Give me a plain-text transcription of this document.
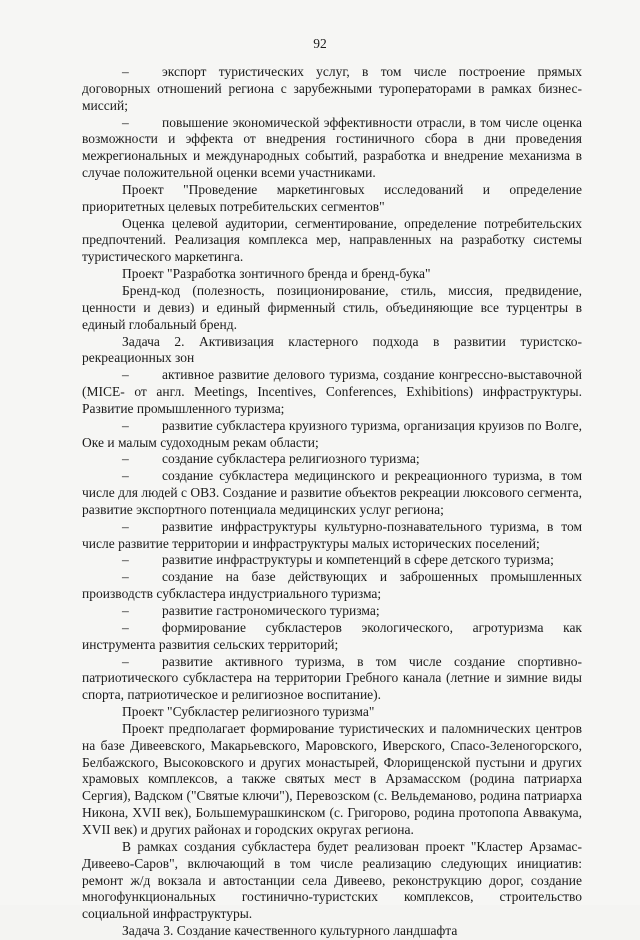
92

– экспорт туристических услуг, в том числе построение прямых договорных отношений региона с зарубежными туроператорами в рамках бизнес-миссий;

– повышение экономической эффективности отрасли, в том числе оценка возможности и эффекта от внедрения гостиничного сбора в дни проведения межрегиональных и международных событий, разработка и внедрение механизма в случае положительной оценки всеми участниками.

Проект "Проведение маркетинговых исследований и определение приоритетных целевых потребительских сегментов"

Оценка целевой аудитории, сегментирование, определение потребительских предпочтений. Реализация комплекса мер, направленных на разработку системы туристического маркетинга.

Проект "Разработка зонтичного бренда и бренд-бука"

Бренд-код (полезность, позиционирование, стиль, миссия, предвидение, ценности и девиз) и единый фирменный стиль, объединяющие все турцентры в единый глобальный бренд.

Задача 2. Активизация кластерного подхода в развитии туристско-рекреационных зон

– активное развитие делового туризма, создание конгрессно-выставочной (MICE- от англ. Meetings, Incentives, Conferences, Exhibitions) инфраструктуры. Развитие промышленного туризма;

– развитие субкластера круизного туризма, организация круизов по Волге, Оке и малым судоходным рекам области;

– создание субкластера религиозного туризма;

– создание субкластера медицинского и рекреационного туризма, в том числе для людей с ОВЗ. Создание и развитие объектов рекреации люксового сегмента, развитие экспортного потенциала медицинских услуг региона;

– развитие инфраструктуры культурно-познавательного туризма, в том числе развитие территории и инфраструктуры малых исторических поселений;

– развитие инфраструктуры и компетенций в сфере детского туризма;

– создание на базе действующих и заброшенных промышленных производств субкластера индустриального туризма;

– развитие гастрономического туризма;

– формирование субкластеров экологического, агротуризма как инструмента развития сельских территорий;

– развитие активного туризма, в том числе создание спортивно-патриотического субкластера на территории Гребного канала (летние и зимние виды спорта, патриотическое и религиозное воспитание).

Проект "Субкластер религиозного туризма"

Проект предполагает формирование туристических и паломнических центров на базе Дивеевского, Макарьевского, Маровского, Иверского, Спасо-Зеленогорского, Белбажского, Высоковского и других монастырей, Флорищенской пустыни и других храмовых комплексов, а также святых мест в Арзамасском (родина патриарха Сергия), Вадском ("Святые ключи"), Перевозском (с. Вельдеманово, родина патриарха Никона, XVII век), Большемурашкинском (с. Григорово, родина протопопа Аввакума, XVII век) и других районах и городских округах региона.

В рамках создания субкластера будет реализован проект "Кластер Арзамас-Дивеево-Саров", включающий в том числе реализацию следующих инициатив: ремонт ж/д вокзала и автостанции села Дивеево, реконструкцию дорог, создание многофункциональных гостинично-туристских комплексов, строительство социальной инфраструктуры.

Задача 3. Создание качественного культурного ландшафта
